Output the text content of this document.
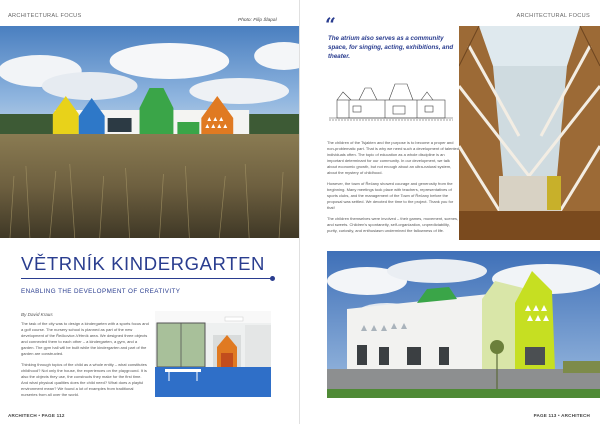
ARCHITECTURAL FOCUS
Photo: Filip Šlapal
VĚTRNÍK KINDERGARTEN
ENABLING THE DEVELOPMENT OF CREATIVITY
By David Kraus

The task of the city was to design a kindergarten with a sports focus and a golf course. The nursery school is planned as part of the new development of the Řečkovice-Větrník area. We designed three objects and connected them to each other – a kindergarten, a gym, and a garden. The gym hall will be built while the kindergarten and part of the garden are constructed.

Thinking through topics of the child as a whole entity – what constitutes childhood? Not only the house, the experiences on the playground. It is also the objects they use, the constructs they make for the first time. And what physical qualities does the child need? What does a playful environment mean? We found a lot of examples from traditional nurseries from all over the world.

ARCHITECH • PAGE 112
ARCHITECTURAL FOCUS
“
The atrium also serves as a community space, for singing, acting, exhibitions, and theater.

The children of the Tsjakten and the purpose is to become a proper and non-problematic part. That is why we need such a development of talented individuals often. The topic of education as a whole discipline is an important determinant for our community. In our development, we talk about economic growth, but not enough about an ultra-natural system, about the mystery of childhood.

However, the town of Řečany showed courage and generosity from the beginning. Many meetings took place with teachers, representatives of sports clubs, and the management of the Town of Řečany before the proposal was settled. We devoted the time to the project. Thank you for that!

The children themselves were involved – their games, movement, scenes, and sweets. Children’s spontaneity, self-organization, unpredictability, purity, curiosity, and enthusiasm undermined the fallowness of life.

PAGE 113 • ARCHITECH
